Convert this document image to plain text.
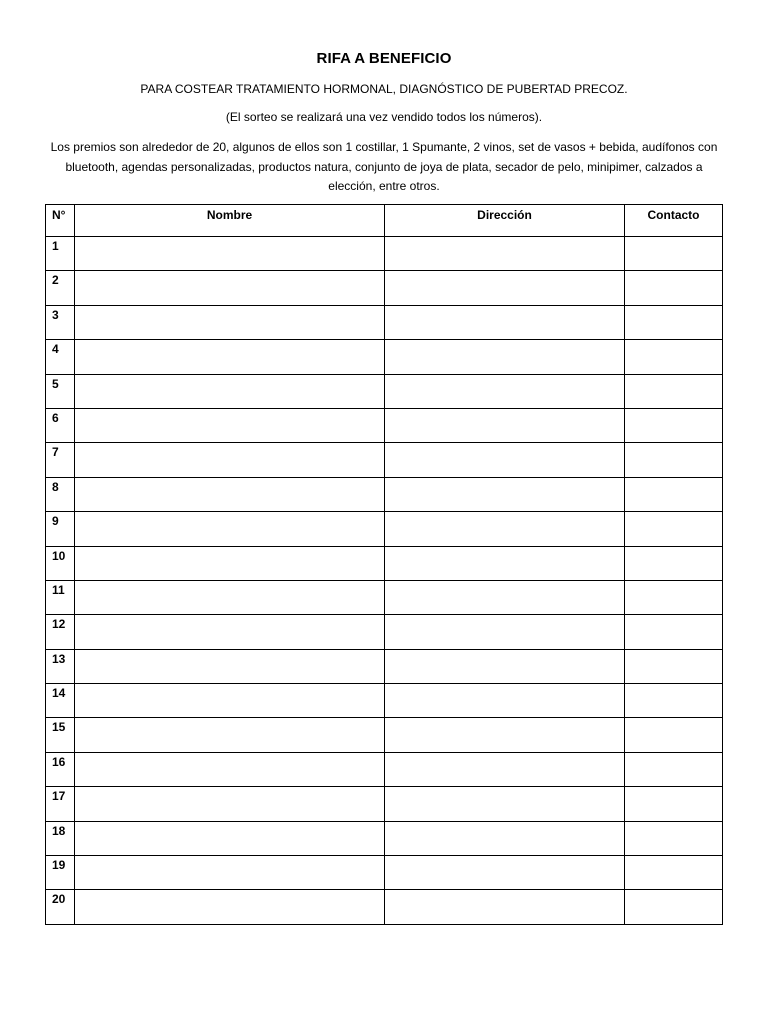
RIFA A BENEFICIO
PARA COSTEAR TRATAMIENTO HORMONAL, DIAGNÓSTICO DE PUBERTAD PRECOZ.
(El sorteo se realizará una vez vendido todos los números).
Los premios son alrededor de 20, algunos de ellos son 1 costillar, 1 Spumante, 2 vinos, set de vasos + bebida, audífonos con bluetooth, agendas personalizadas, productos natura, conjunto de joya de plata, secador de pelo, minipimer, calzados a elección, entre otros.
N°	Nombre	Dirección	Contacto
1			
2			
3			
4			
5			
6			
7			
8			
9			
10			
11			
12			
13			
14			
15			
16			
17			
18			
19			
20			
